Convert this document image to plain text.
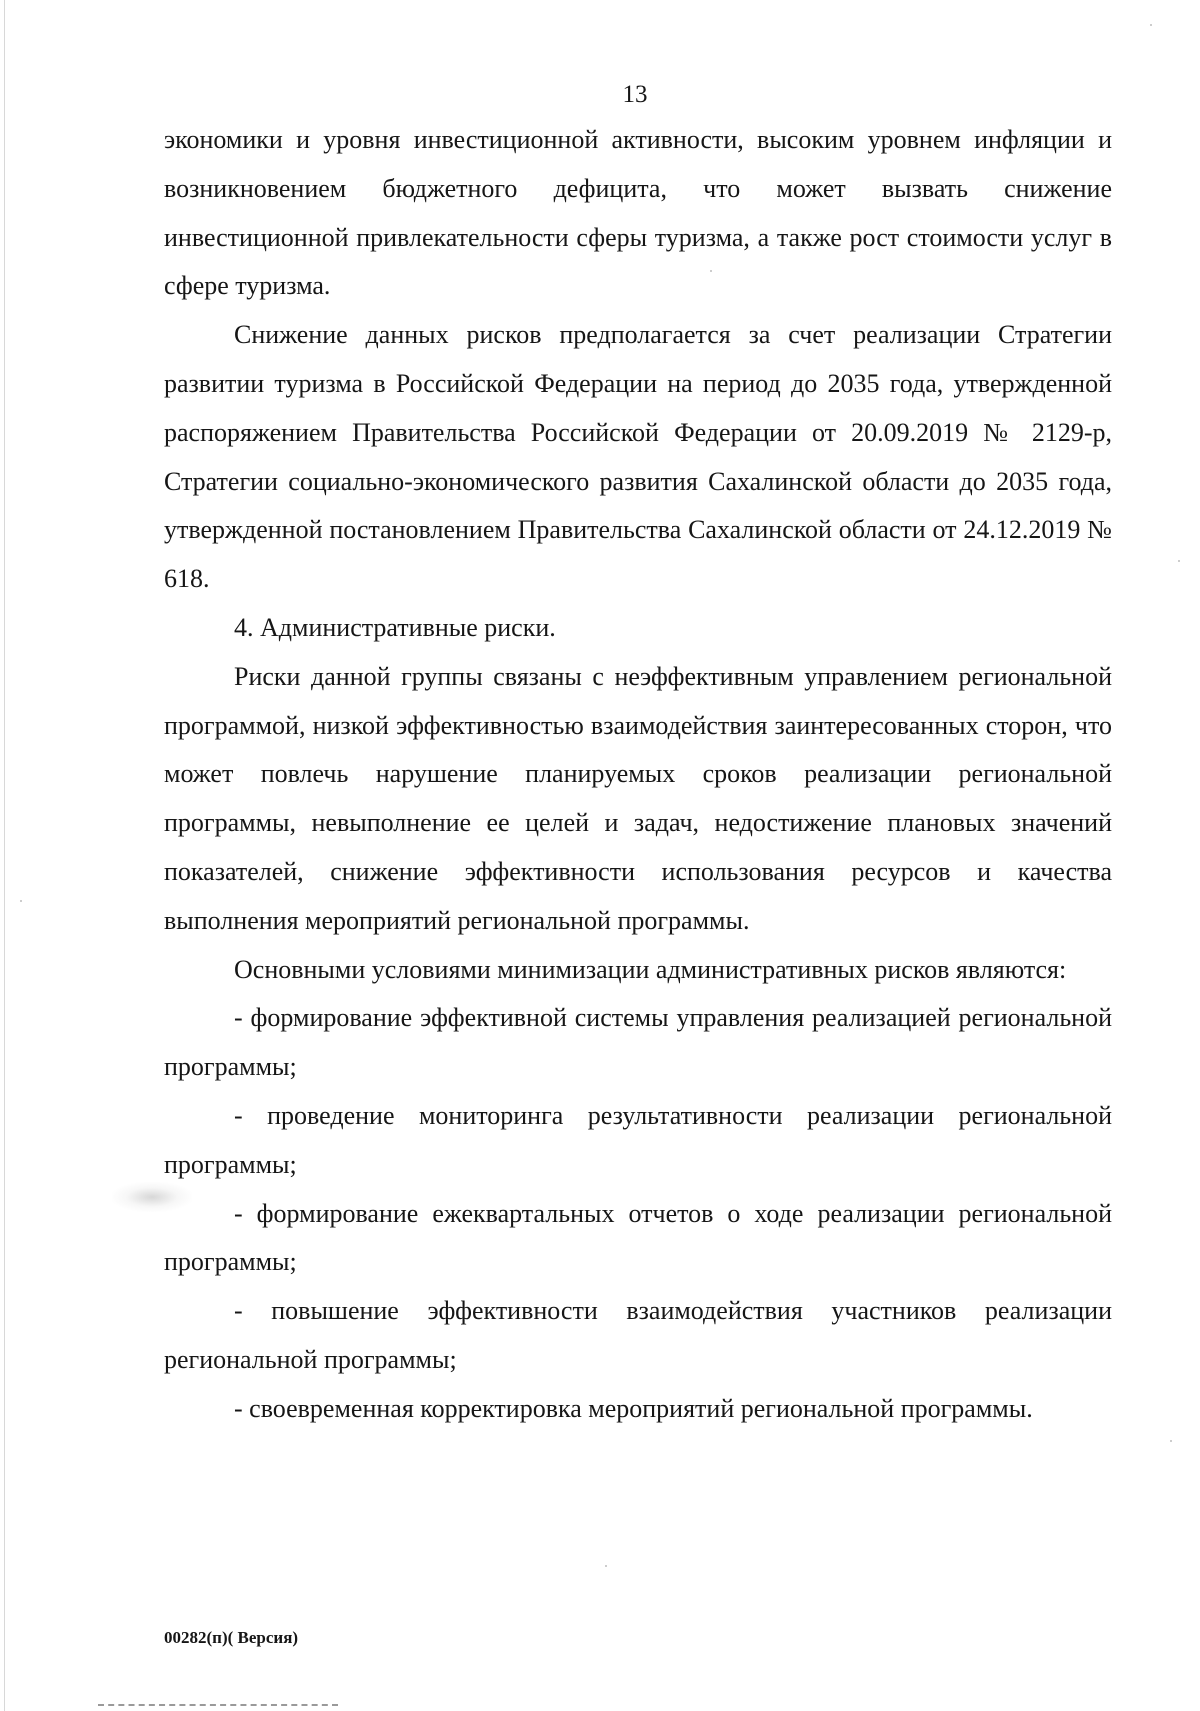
13

экономики и уровня инвестиционной активности, высоким уровнем инфляции и возникновением бюджетного дефицита, что может вызвать снижение инвестиционной привлекательности сферы туризма, а также рост стоимости услуг в сфере туризма.

Снижение данных рисков предполагается за счет реализации Стратегии развитии туризма в Российской Федерации на период до 2035 года, утвержденной распоряжением Правительства Российской Федерации от 20.09.2019 № 2129-р, Стратегии социально-экономического развития Сахалинской области до 2035 года, утвержденной постановлением Правительства Сахалинской области от 24.12.2019 № 618.

4. Административные риски.

Риски данной группы связаны с неэффективным управлением региональной программой, низкой эффективностью взаимодействия заинтересованных сторон, что может повлечь нарушение планируемых сроков реализации региональной программы, невыполнение ее целей и задач, недостижение плановых значений показателей, снижение эффективности использования ресурсов и качества выполнения мероприятий региональной программы.

Основными условиями минимизации административных рисков являются:

- формирование эффективной системы управления реализацией региональной программы;

- проведение мониторинга результативности реализации региональной программы;

- формирование ежеквартальных отчетов о ходе реализации региональной программы;

- повышение эффективности взаимодействия участников реализации региональной программы;

- своевременная корректировка мероприятий региональной программы.

00282(п)( Версия)
